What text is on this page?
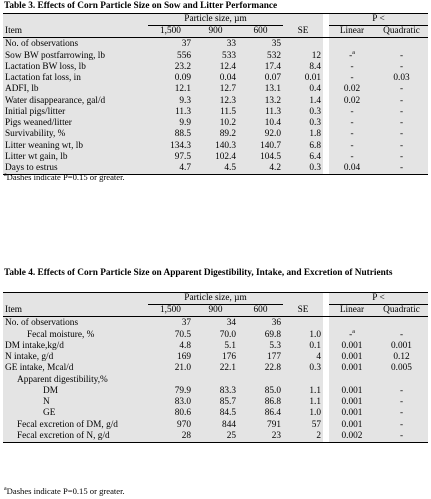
Table 3. Effects of Corn Particle Size on Sow and Litter Performance
	Particle size, µm					P <	
Item	1,500	900	600	SE		Linear	Quadratic
No. of observations	37	33	35				
Sow BW postfarrowing, lb	556	533	532	12		-$^a$	-
Lactation BW loss, lb	23.2	12.4	17.4	8.4		-	-
Lactation fat loss, in	0.09	0.04	0.07	0.01		-	0.03
ADFI, lb	12.1	12.7	13.1	0.4		0.02	-
Water disappearance, gal/d	9.3	12.3	13.2	1.4		0.02	-
Initial pigs/litter	11.3	11.5	11.3	0.3		-	-
Pigs weaned/litter	9.9	10.2	10.4	0.3		-	-
Survivability, %	88.5	89.2	92.0	1.8		-	-
Litter weaning wt, lb	134.3	140.3	140.7	6.8		-	-
Litter wt gain, lb	97.5	102.4	104.5	6.4		-	-
Days to estrus	4.7	4.5	4.2	0.3		0.04	-
$^a$Dashes indicate P=0.15 or greater.
Table 4. Effects of Corn Particle Size on Apparent Digestibility, Intake, and Excretion of Nutrients
	Particle size, µm					P <	
Item	1,500	900	600	SE		Linear	Quadratic
No. of observations	37	34	36				
Fecal moisture, %	70.5	70.0	69.8	1.0		-$^a$	-
DM intake,kg/d	4.8	5.1	5.3	0.1		0.001	0.001
N intake, g/d	169	176	177	4		0.001	0.12
GE intake, Mcal/d	21.0	22.1	22.8	0.3		0.001	0.005
Apparent digestibility,%							
DM	79.9	83.3	85.0	1.1		0.001	-
N	83.0	85.7	86.8	1.1		0.001	-
GE	80.6	84.5	86.4	1.0		0.001	-
Fecal excretion of DM, g/d	970	844	791	57		0.001	-
Fecal excretion of N, g/d	28	25	23	2		0.002	-
$^a$Dashes indicate P=0.15 or greater.
